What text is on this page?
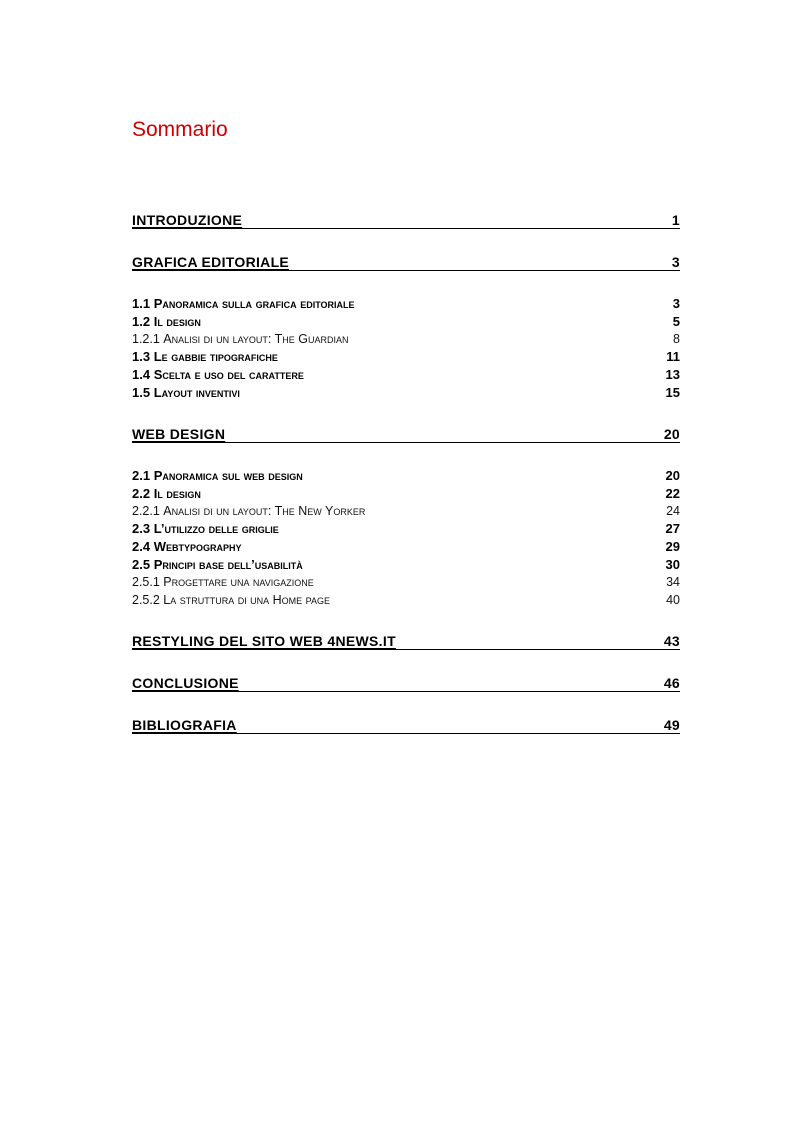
Sommario
INTRODUZIONE	1
GRAFICA EDITORIALE	3
1.1 Panoramica sulla grafica editoriale	3
1.2 Il design	5
1.2.1 Analisi di un layout: The Guardian	8
1.3 Le gabbie tipografiche	11
1.4 Scelta e uso del carattere	13
1.5 Layout inventivi	15
WEB DESIGN	20
2.1 Panoramica sul web design	20
2.2 Il design	22
2.2.1 Analisi di un layout: The New Yorker	24
2.3 L’utilizzo delle griglie	27
2.4 Webtypography	29
2.5 Principi base dell’usabilità	30
2.5.1 Progettare una navigazione	34
2.5.2 La struttura di una Home page	40
RESTYLING DEL SITO WEB 4NEWS.IT	43
CONCLUSIONE	46
BIBLIOGRAFIA	49
